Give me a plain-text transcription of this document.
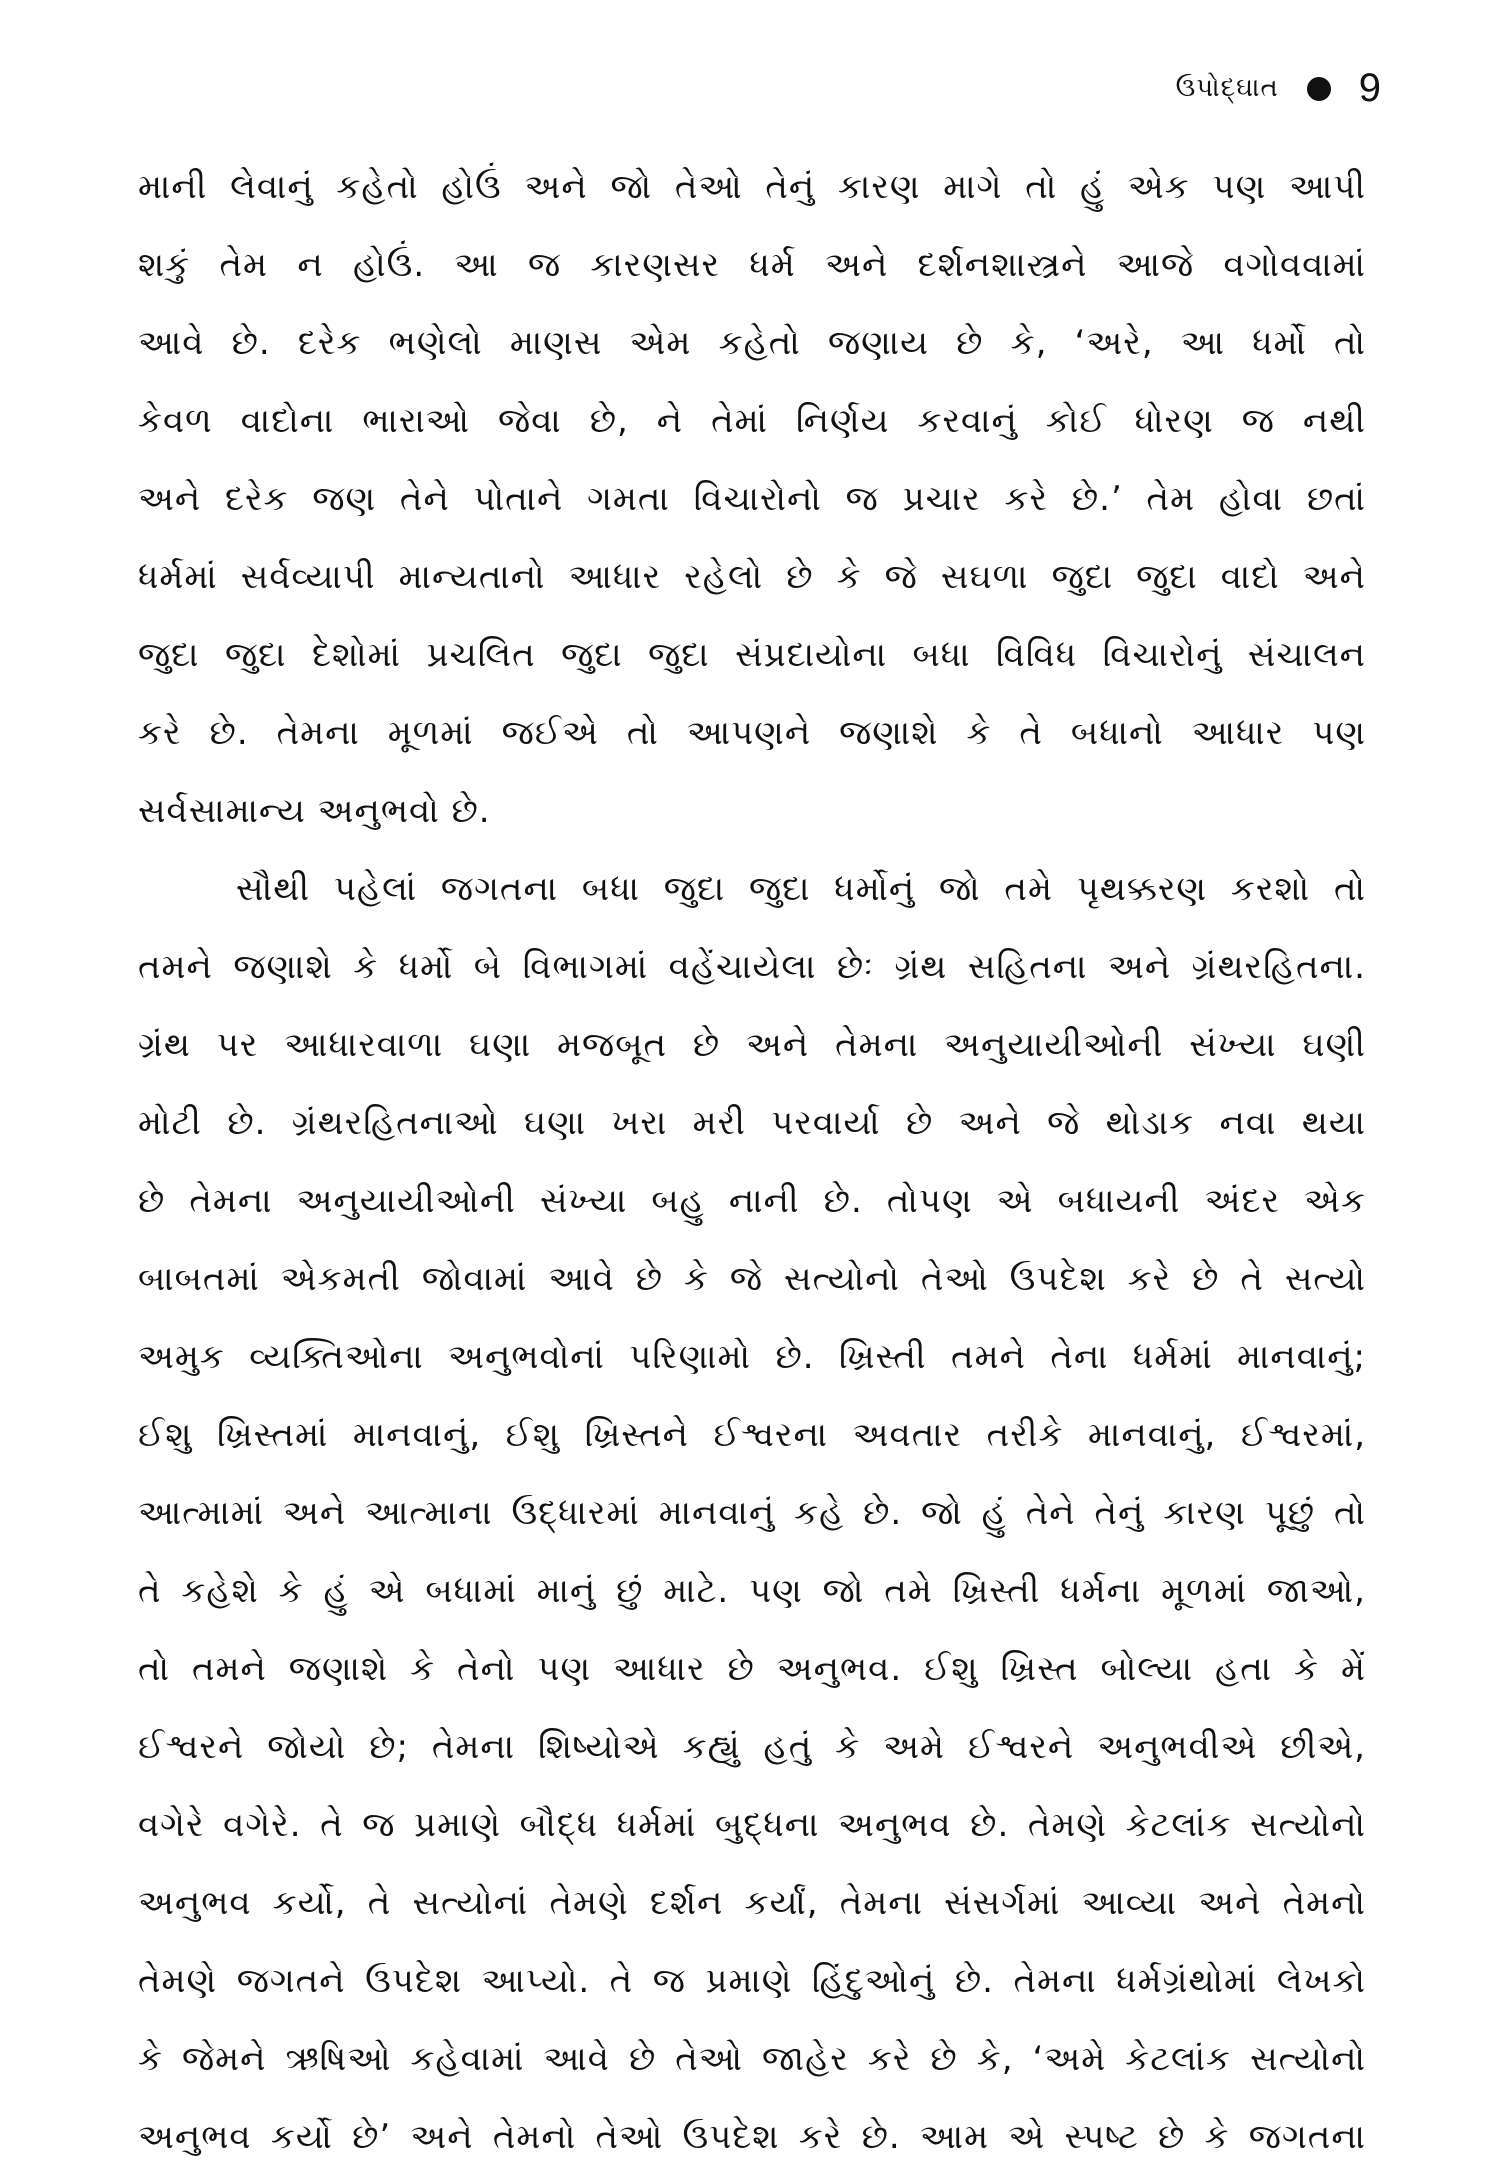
ઉપોદ્ઘાત 9

માની લેવાનું કહેતો હોઉં અને જો તેઓ તેનું કારણ માગે તો હું એક પણ આપી
શકું તેમ ન હોઉં. આ જ કારણસર ધર્મ અને દર્શનશાસ્ત્રને આજે વગોવવામાં
આવે છે. દરેક ભણેલો માણસ એમ કહેતો જણાય છે કે, ‘અરે, આ ધર્મો તો
કેવળ વાદોના ભારાઓ જેવા છે, ને તેમાં નિર્ણય કરવાનું કોઈ ધોરણ જ નથી
અને દરેક જણ તેને પોતાને ગમતા વિચારોનો જ પ્રચાર કરે છે.’ તેમ હોવા છતાં
ધર્મમાં સર્વવ્યાપી માન્યતાનો આધાર રહેલો છે કે જે સઘળા જુદા જુદા વાદો અને
જુદા જુદા દેશોમાં પ્રચલિત જુદા જુદા સંપ્રદાયોના બધા વિવિધ વિચારોનું સંચાલન
કરે છે. તેમના મૂળમાં જઈએ તો આપણને જણાશે કે તે બધાનો આધાર પણ
સર્વસામાન્ય અનુભવો છે.

સૌથી પહેલાં જગતના બધા જુદા જુદા ધર્મોનું જો તમે પૃથક્કરણ કરશો તો
તમને જણાશે કે ધર્મો બે વિભાગમાં વહેંચાયેલા છેઃ ગ્રંથ સહિતના અને ગ્રંથરહિતના.
ગ્રંથ પર આધારવાળા ઘણા મજબૂત છે અને તેમના અનુયાયીઓની સંખ્યા ઘણી
મોટી છે. ગ્રંથરહિતનાઓ ઘણા ખરા મરી પરવાર્યા છે અને જે થોડાક નવા થયા
છે તેમના અનુયાયીઓની સંખ્યા બહુ નાની છે. તોપણ એ બધાયની અંદર એક
બાબતમાં એકમતી જોવામાં આવે છે કે જે સત્યોનો તેઓ ઉપદેશ કરે છે તે સત્યો
અમુક વ્યક્તિઓના અનુભવોનાં પરિણામો છે. ખ્રિસ્તી તમને તેના ધર્મમાં માનવાનું;
ઈશુ ખ્રિસ્તમાં માનવાનું, ઈશુ ખ્રિસ્તને ઈશ્વરના અવતાર તરીકે માનવાનું, ઈશ્વરમાં,
આત્મામાં અને આત્માના ઉદ્ધારમાં માનવાનું કહે છે. જો હું તેને તેનું કારણ પૂછું તો
તે કહેશે કે હું એ બધામાં માનું છું માટે. પણ જો તમે ખ્રિસ્તી ધર્મના મૂળમાં જાઓ,
તો તમને જણાશે કે તેનો પણ આધાર છે અનુભવ. ઈશુ ખ્રિસ્ત બોલ્યા હતા કે મેં
ઈશ્વરને જોયો છે; તેમના શિષ્યોએ કહ્યું હતું કે અમે ઈશ્વરને અનુભવીએ છીએ,
વગેરે વગેરે. તે જ પ્રમાણે બૌદ્ધ ધર્મમાં બુદ્ધના અનુભવ છે. તેમણે કેટલાંક સત્યોનો
અનુભવ કર્યો, તે સત્યોનાં તેમણે દર્શન કર્યાં, તેમના સંસર્ગમાં આવ્યા અને તેમનો
તેમણે જગતને ઉપદેશ આપ્યો. તે જ પ્રમાણે હિંદુઓનું છે. તેમના ધર્મગ્રંથોમાં લેખકો
કે જેમને ઋષિઓ કહેવામાં આવે છે તેઓ જાહેર કરે છે કે, ‘અમે કેટલાંક સત્યોનો
અનુભવ કર્યો છે’ અને તેમનો તેઓ ઉપદેશ કરે છે. આમ એ સ્પષ્ટ છે કે જગતના
